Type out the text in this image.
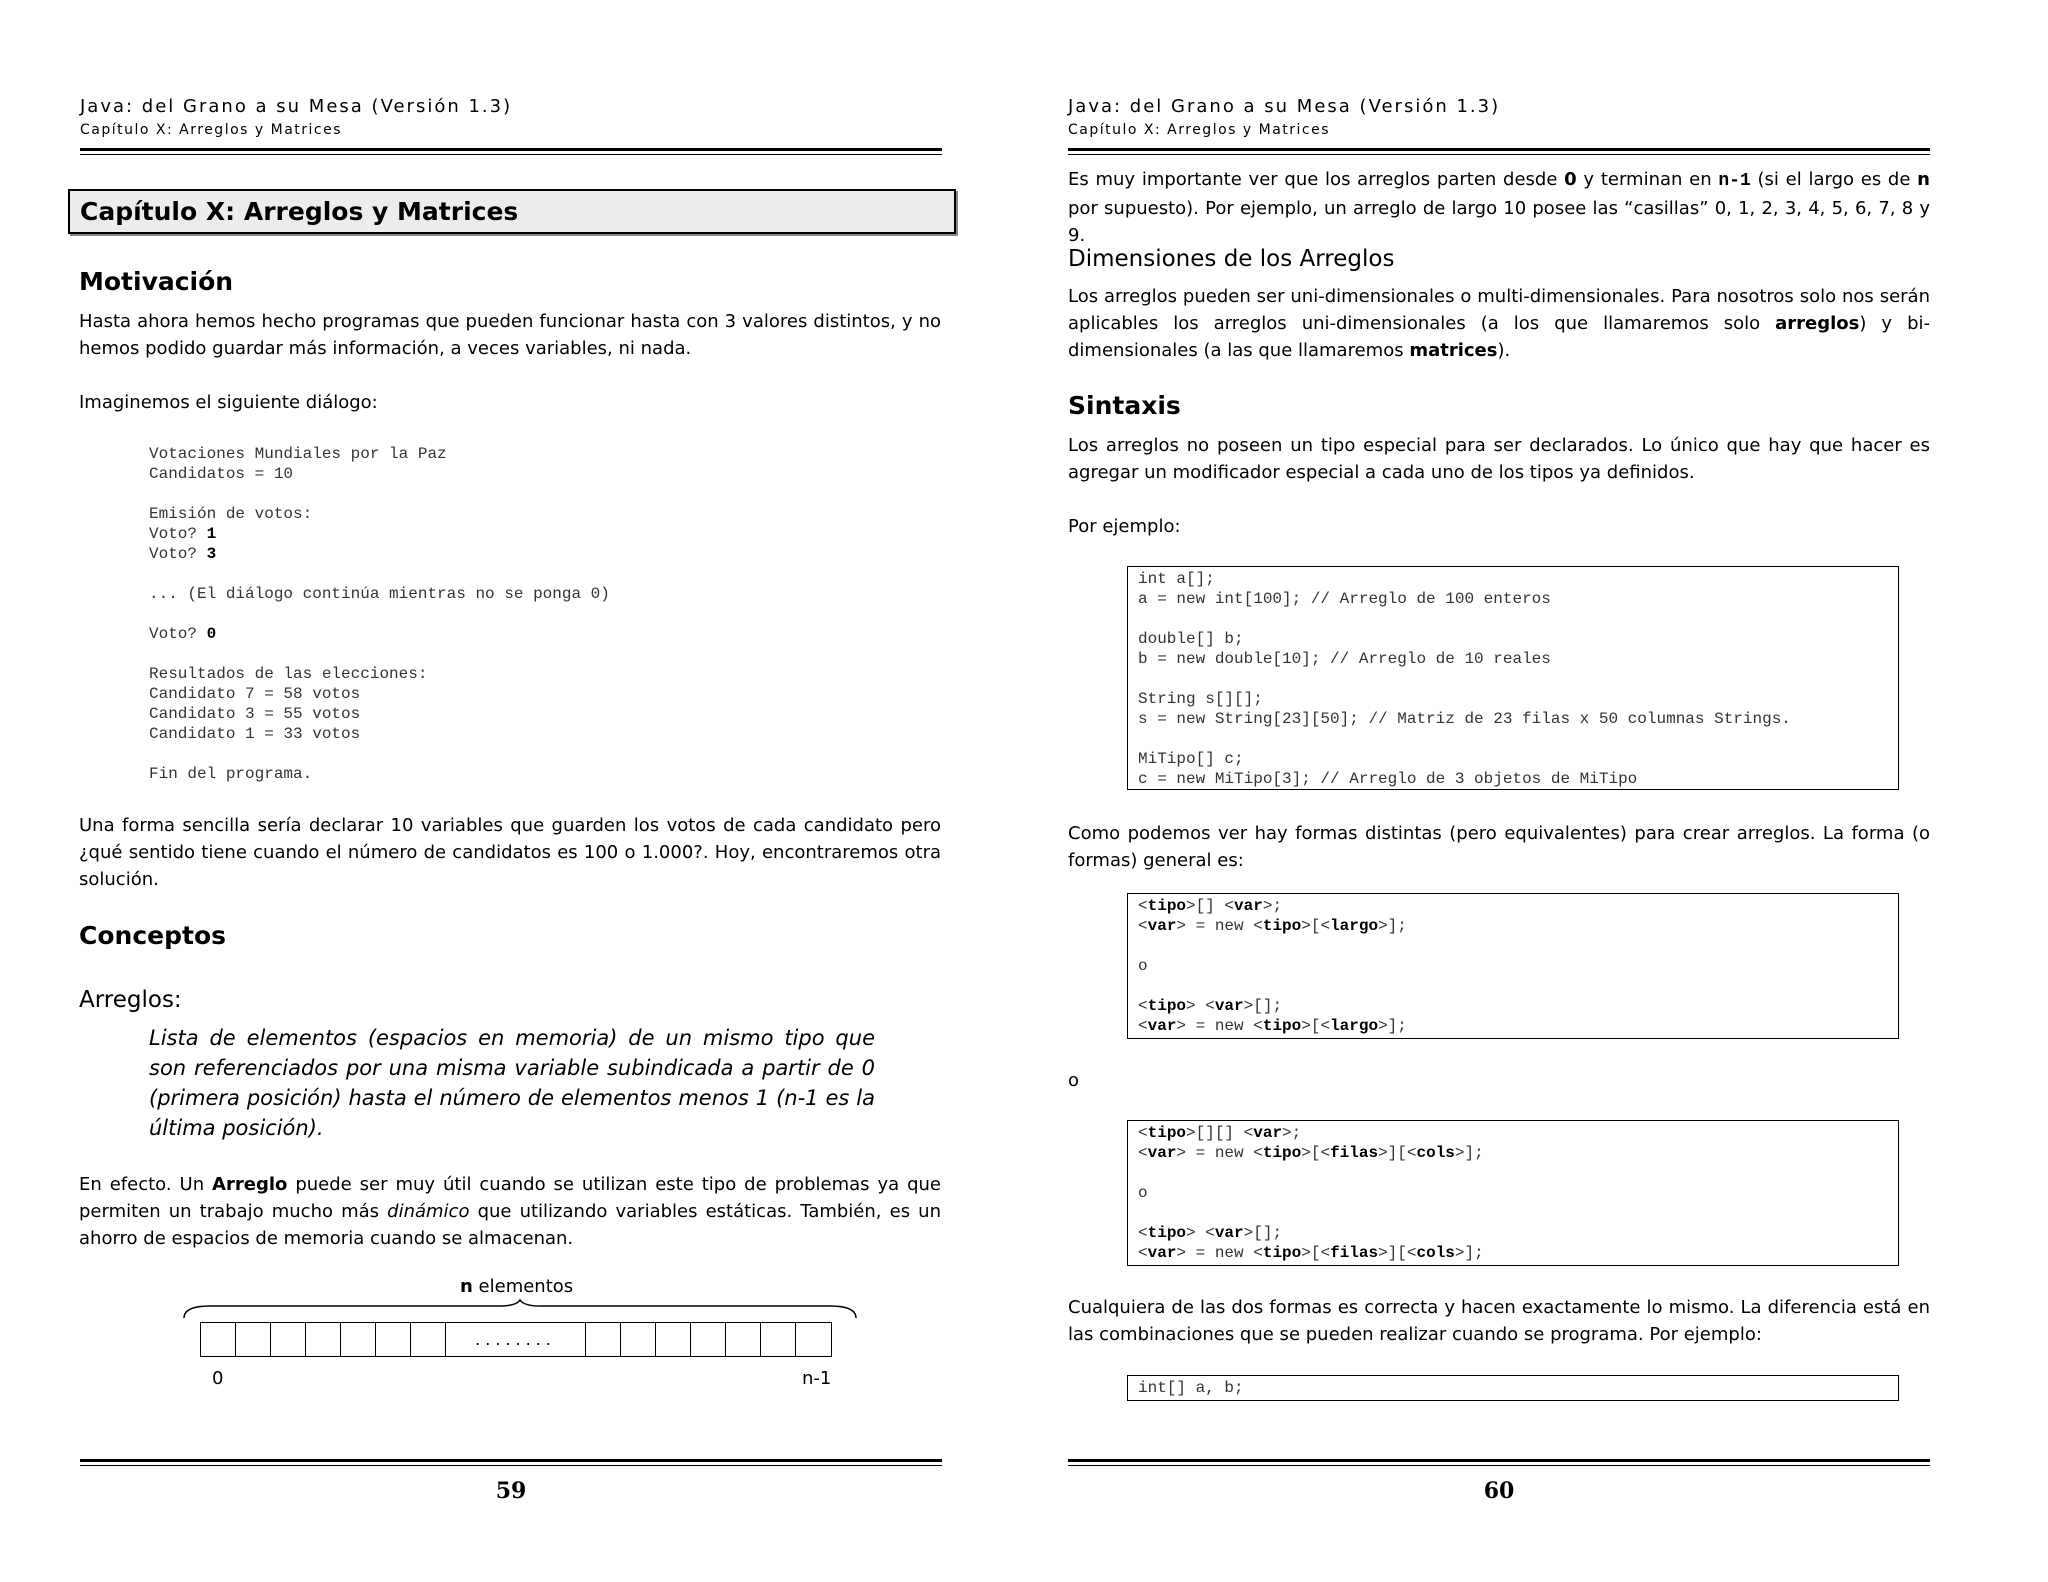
Java: del Grano a su Mesa (Versión 1.3)
Capítulo X: Arreglos y Matrices
Capítulo X: Arreglos y Matrices
Motivación
Hasta ahora hemos hecho programas que pueden funcionar hasta con 3 valores distintos, y no hemos podido guardar más información, a veces variables, ni nada.
Imaginemos el siguiente diálogo:
Votaciones Mundiales por la Paz
Candidatos = 10

Emisión de votos:
Voto? 1
Voto? 3

... (El diálogo continúa mientras no se ponga 0)

Voto? 0

Resultados de las elecciones:
Candidato 7 = 58 votos
Candidato 3 = 55 votos
Candidato 1 = 33 votos

Fin del programa.
Una forma sencilla sería declarar 10 variables que guarden los votos de cada candidato pero ¿qué sentido tiene cuando el número de candidatos es 100 o 1.000?. Hoy, encontraremos otra solución.
Conceptos
Arreglos:
Lista de elementos (espacios en memoria) de un mismo tipo que son referenciados por una misma variable subindicada a partir de 0 (primera posición) hasta el número de elementos menos 1 (n-1 es la última posición).
En efecto. Un Arreglo puede ser muy útil cuando se utilizan este tipo de problemas ya que permiten un trabajo mucho más dinámico que utilizando variables estáticas. También, es un ahorro de espacios de memoria cuando se almacenan.
n elementos
........
0	n-1
59
Java: del Grano a su Mesa (Versión 1.3)
Capítulo X: Arreglos y Matrices
Es muy importante ver que los arreglos parten desde 0 y terminan en n-1 (si el largo es de n por supuesto). Por ejemplo, un arreglo de largo 10 posee las “casillas” 0, 1, 2, 3, 4, 5, 6, 7, 8 y 9.
Dimensiones de los Arreglos
Los arreglos pueden ser uni-dimensionales o multi-dimensionales. Para nosotros solo nos serán aplicables los arreglos uni-dimensionales (a los que llamaremos solo arreglos) y bi-dimensionales (a las que llamaremos matrices).
Sintaxis
Los arreglos no poseen un tipo especial para ser declarados. Lo único que hay que hacer es agregar un modificador especial a cada uno de los tipos ya definidos.
Por ejemplo:
int a[];
a = new int[100]; // Arreglo de 100 enteros

double[] b;
b = new double[10]; // Arreglo de 10 reales

String s[][];
s = new String[23][50]; // Matriz de 23 filas x 50 columnas Strings.

MiTipo[] c;
c = new MiTipo[3]; // Arreglo de 3 objetos de MiTipo
Como podemos ver hay formas distintas (pero equivalentes) para crear arreglos. La forma (o formas) general es:
<tipo>[] <var>;
<var> = new <tipo>[<largo>];

o

<tipo> <var>[];
<var> = new <tipo>[<largo>];
o
<tipo>[][] <var>;
<var> = new <tipo>[<filas>][<cols>];

o

<tipo> <var>[];
<var> = new <tipo>[<filas>][<cols>];
Cualquiera de las dos formas es correcta y hacen exactamente lo mismo. La diferencia está en las combinaciones que se pueden realizar cuando se programa. Por ejemplo:
int[] a, b;
60
